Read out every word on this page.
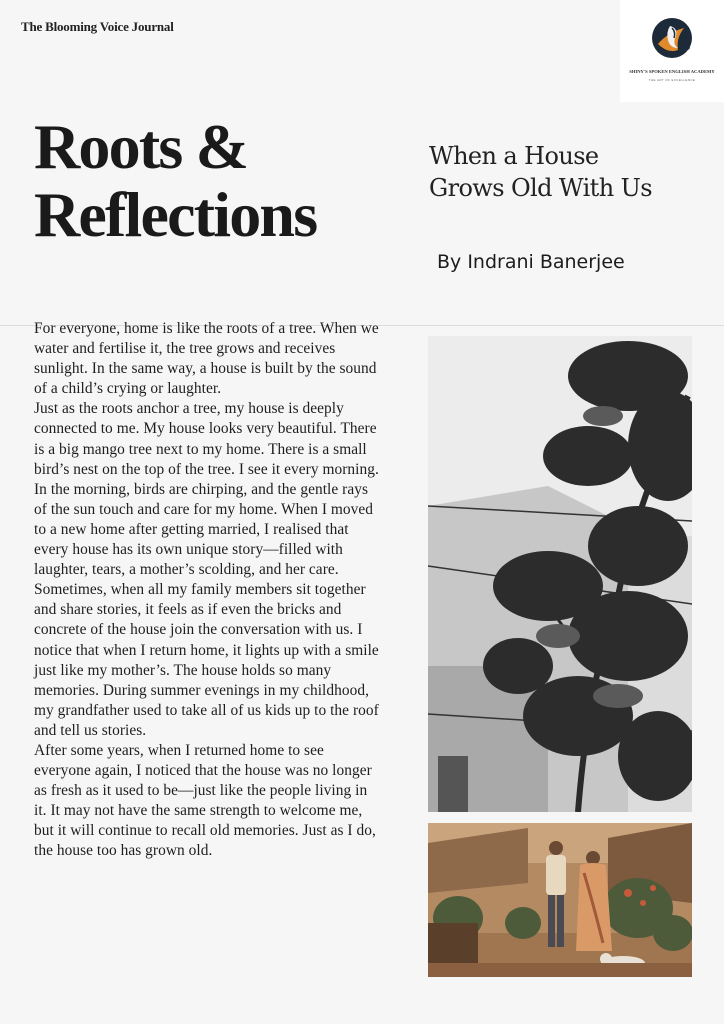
The Blooming Voice Journal
SHINY'S SPOKEN ENGLISH ACADEMY
THE ART OF EXCELLENCE
Roots &
Reflections
When a House
Grows Old With Us
By Indrani Banerjee

For everyone, home is like the roots of a tree. When we water and fertilise it, the tree grows and receives sunlight. In the same way, a house is built by the sound of a child’s crying or laughter.

Just as the roots anchor a tree, my house is deeply connected to me. My house looks very beautiful. There is a big mango tree next to my home. There is a small bird’s nest on the top of the tree. I see it every morning. In the morning, birds are chirping, and the gentle rays of the sun touch and care for my home. When I moved to a new home after getting married, I realised that every house has its own unique story—filled with laughter, tears, a mother’s scolding, and her care. Sometimes, when all my family members sit together and share stories, it feels as if even the bricks and concrete of the house join the conversation with us. I notice that when I return home, it lights up with a smile just like my mother’s. The house holds so many memories. During summer evenings in my childhood, my grandfather used to take all of us kids up to the roof and tell us stories.

After some years, when I returned home to see everyone again, I noticed that the house was no longer as fresh as it used to be—just like the people living in it. It may not have the same strength to welcome me, but it will continue to recall old memories. Just as I do, the house too has grown old.
